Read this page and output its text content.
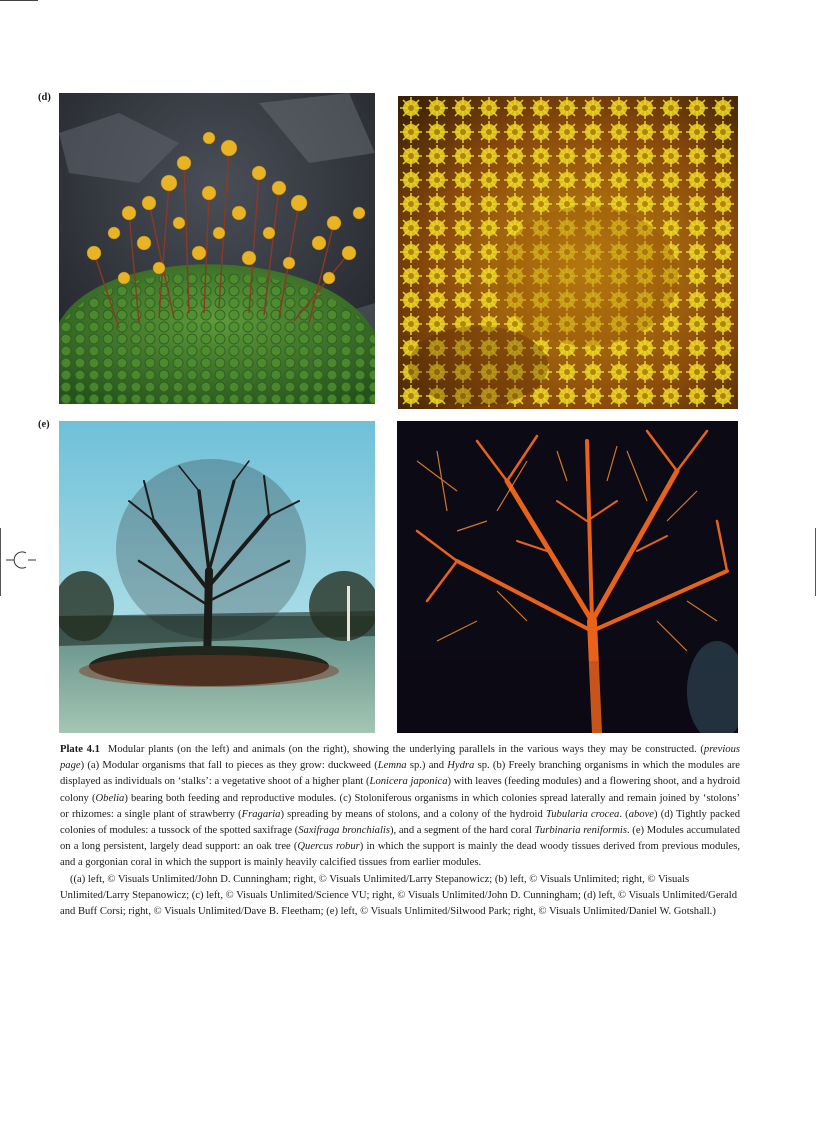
(d)
(e)

Plate 4.1 Modular plants (on the left) and animals (on the right), showing the underlying parallels in the various ways they may be constructed. (previous page) (a) Modular organisms that fall to pieces as they grow: duckweed (Lemna sp.) and Hydra sp. (b) Freely branching organisms in which the modules are displayed as individuals on ‘stalks’: a vegetative shoot of a higher plant (Lonicera japonica) with leaves (feeding modules) and a flowering shoot, and a hydroid colony (Obelia) bearing both feeding and reproductive modules. (c) Stoloniferous organisms in which colonies spread laterally and remain joined by ‘stolons’ or rhizomes: a single plant of strawberry (Fragaria) spreading by means of stolons, and a colony of the hydroid Tubularia crocea. (above) (d) Tightly packed colonies of modules: a tussock of the spotted saxifrage (Saxifraga bronchialis), and a segment of the hard coral Turbinaria reniformis. (e) Modules accumulated on a long persistent, largely dead support: an oak tree (Quercus robur) in which the support is mainly the dead woody tissues derived from previous modules, and a gorgonian coral in which the support is mainly heavily calcified tissues from earlier modules.

((a) left, © Visuals Unlimited/John D. Cunningham; right, © Visuals Unlimited/Larry Stepanowicz; (b) left, © Visuals Unlimited; right, © Visuals Unlimited/Larry Stepanowicz; (c) left, © Visuals Unlimited/Science VU; right, © Visuals Unlimited/John D. Cunningham; (d) left, © Visuals Unlimited/Gerald and Buff Corsi; right, © Visuals Unlimited/Dave B. Fleetham; (e) left, © Visuals Unlimited/Silwood Park; right, © Visuals Unlimited/Daniel W. Gotshall.)
